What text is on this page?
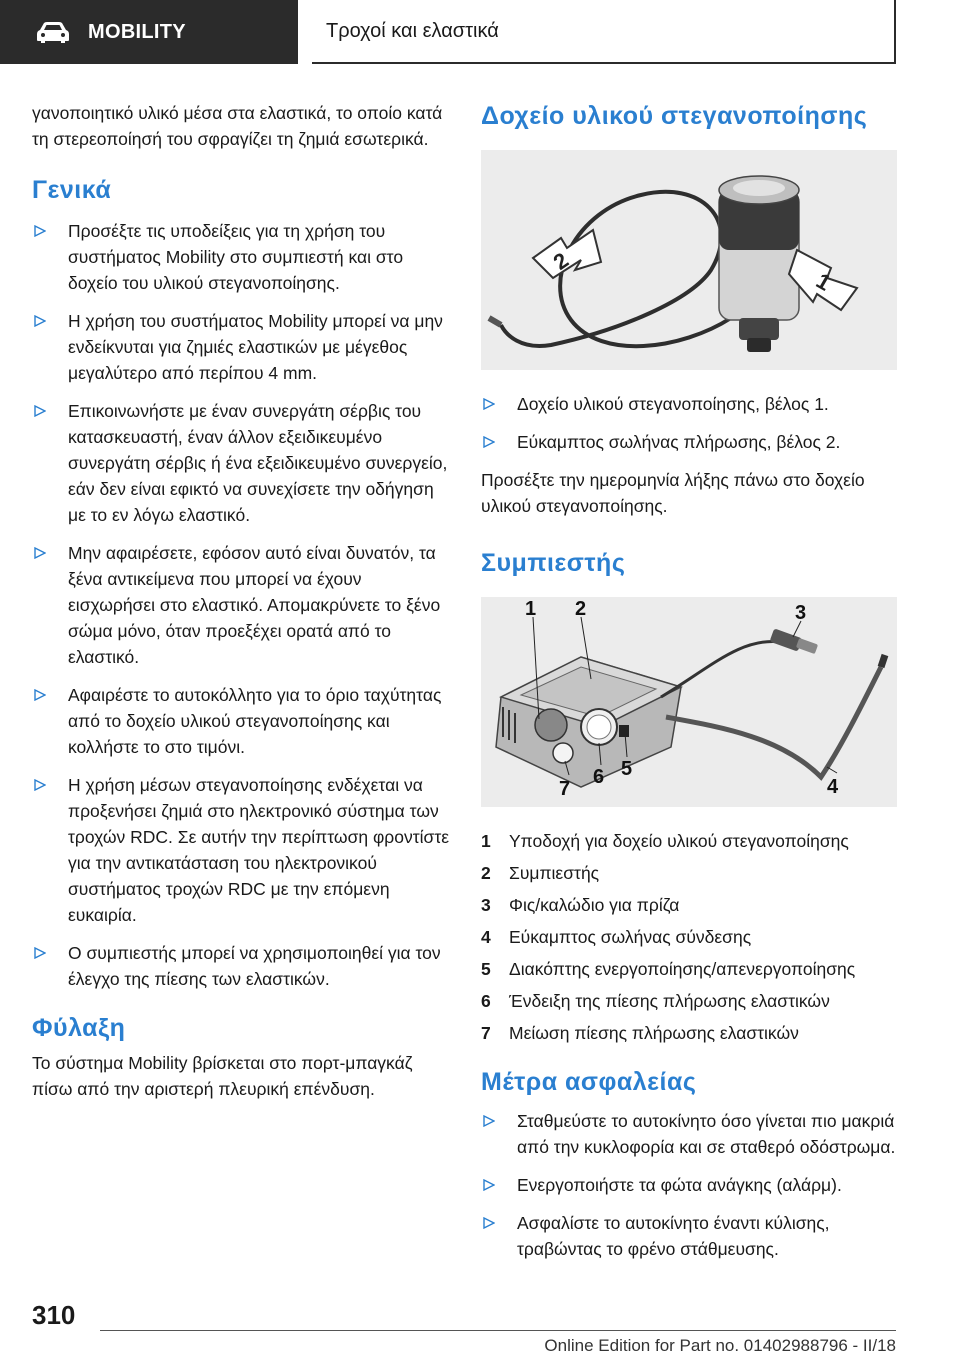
MOBILITY	Τροχοί και ελαστικά

γανοποιητικό υλικό μέσα στα ελαστικά, το οποίο κατά τη στερεοποίησή του σφραγίζει τη ζημιά εσωτερικά.

Γενικά
Προσέξτε τις υποδείξεις για τη χρήση του συστήματος Mobility στο συμπιεστή και στο δοχείο του υλικού στεγανοποίησης.
Η χρήση του συστήματος Mobility μπορεί να μην ενδείκνυται για ζημιές ελαστικών με μέγεθος μεγαλύτερο από περίπου 4 mm.
Επικοινωνήστε με έναν συνεργάτη σέρβις του κατασκευαστή, έναν άλλον εξειδικευμένο συνεργάτη σέρβις ή ένα εξειδικευμένο συνεργείο, εάν δεν είναι εφικτό να συνεχίσετε την οδήγηση με το εν λόγω ελαστικό.
Μην αφαιρέσετε, εφόσον αυτό είναι δυνατόν, τα ξένα αντικείμενα που μπορεί να έχουν εισχωρήσει στο ελαστικό. Απομακρύνετε το ξένο σώμα μόνο, όταν προεξέχει ορατά από το ελαστικό.
Αφαιρέστε το αυτοκόλλητο για το όριο ταχύτητας από το δοχείο υλικού στεγανοποίησης και κολλήστε το στο τιμόνι.
Η χρήση μέσων στεγανοποίησης ενδέχεται να προξενήσει ζημιά στο ηλεκτρονικό σύστημα των τροχών RDC. Σε αυτήν την περίπτωση φροντίστε για την αντικατάσταση του ηλεκτρονικού συστήματος τροχών RDC με την επόμενη ευκαιρία.
Ο συμπιεστής μπορεί να χρησιμοποιηθεί για τον έλεγχο της πίεσης των ελαστικών.
Φύλαξη

Το σύστημα Mobility βρίσκεται στο πορτ-μπαγκάζ πίσω από την αριστερή πλευρική επένδυση.

Δοχείο υλικού στεγανοποίησης
2
1
Δοχείο υλικού στεγανοποίησης, βέλος 1.
Εύκαμπτος σωλήνας πλήρωσης, βέλος 2.

Προσέξτε την ημερομηνία λήξης πάνω στο δοχείο υλικού στεγανοποίησης.

Συμπιεστής
1 2	3
4
5
6
7
1	Υποδοχή για δοχείο υλικού στεγανοποίησης
2	Συμπιεστής
3	Φις/καλώδιο για πρίζα
4	Εύκαμπτος σωλήνας σύνδεσης
5	Διακόπτης ενεργοποίησης/απενεργοποίησης
6	Ένδειξη της πίεσης πλήρωσης ελαστικών
7	Μείωση πίεσης πλήρωσης ελαστικών
Μέτρα ασφαλείας
Σταθμεύστε το αυτοκίνητο όσο γίνεται πιο μακριά από την κυκλοφορία και σε σταθερό οδόστρωμα.
Ενεργοποιήστε τα φώτα ανάγκης (αλάρμ).
Ασφαλίστε το αυτοκίνητο έναντι κύλισης, τραβώντας το φρένο στάθμευσης.
310
Online Edition for Part no. 01402988796 - II/18
